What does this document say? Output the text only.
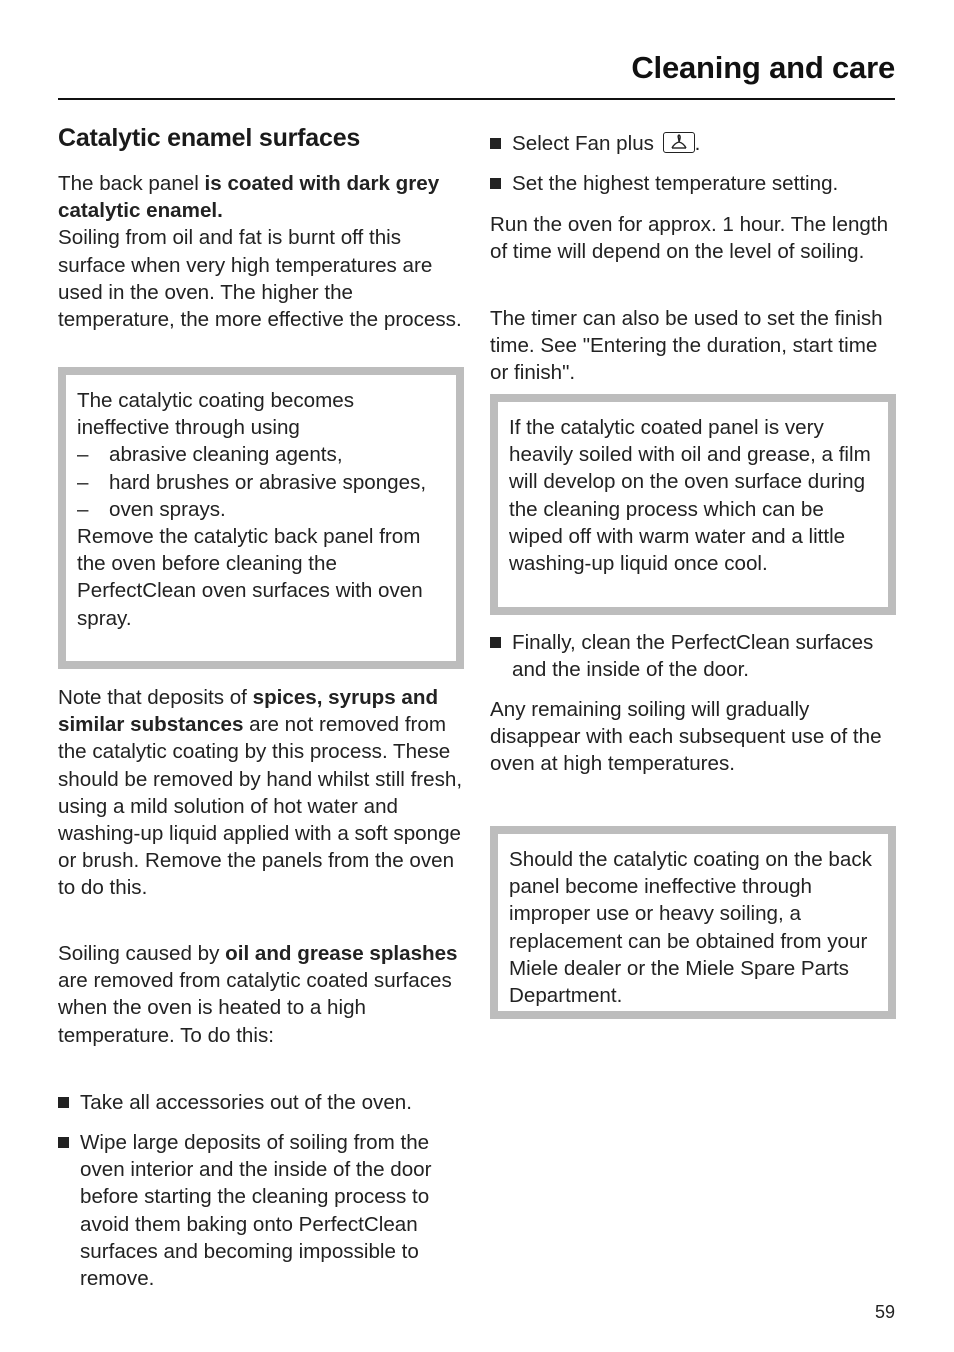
Cleaning and care
Catalytic enamel surfaces

The back panel is coated with dark grey catalytic enamel.
Soiling from oil and fat is burnt off this surface when very high temperatures are used in the oven. The higher the temperature, the more effective the process.

The catalytic coating becomes ineffective through using

– abrasive cleaning agents,
– hard brushes or abrasive sponges,
– oven sprays.

Remove the catalytic back panel from the oven before cleaning the PerfectClean oven surfaces with oven spray.

Note that deposits of spices, syrups and similar substances are not removed from the catalytic coating by this process. These should be removed by hand whilst still fresh, using a mild solution of hot water and washing-up liquid applied with a soft sponge or brush. Remove the panels from the oven to do this.

Soiling caused by oil and grease splashes are removed from catalytic coated surfaces when the oven is heated to a high temperature. To do this:

Take all accessories out of the oven.
Wipe large deposits of soiling from the oven interior and the inside of the door before starting the cleaning process to avoid them baking onto PerfectClean surfaces and becoming impossible to remove.
Select Fan plus
.
Set the highest temperature setting.

Run the oven for approx. 1 hour. The length of time will depend on the level of soiling.

The timer can also be used to set the finish time. See "Entering the duration, start time or finish".

If the catalytic coated panel is very heavily soiled with oil and grease, a film will develop on the oven surface during the cleaning process which can be wiped off with warm water and a little washing-up liquid once cool.

Finally, clean the PerfectClean surfaces and the inside of the door.

Any remaining soiling will gradually disappear with each subsequent use of the oven at high temperatures.

Should the catalytic coating on the back panel become ineffective through improper use or heavy soiling, a replacement can be obtained from your Miele dealer or the Miele Spare Parts Department.

59
